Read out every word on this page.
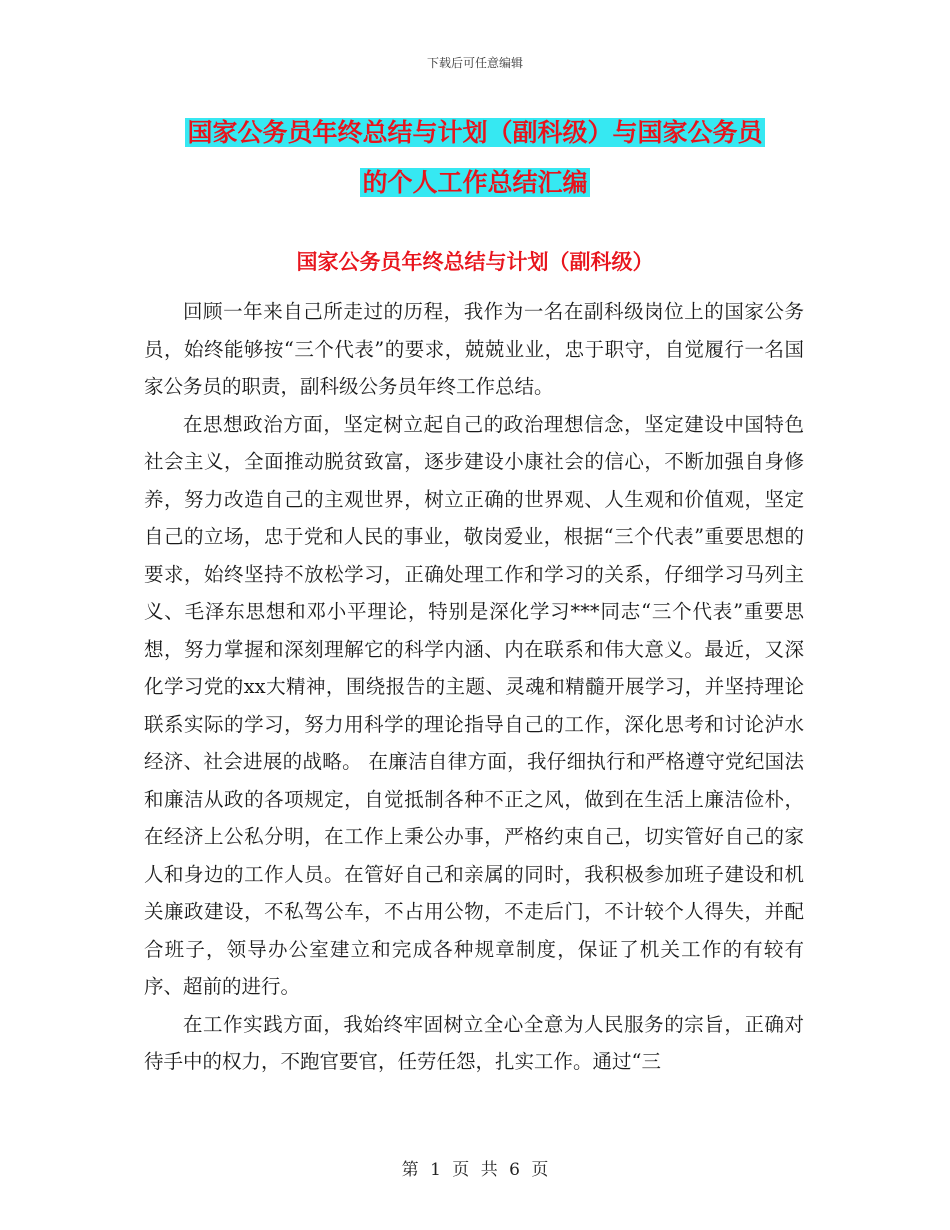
下载后可任意编辑
国家公务员年终总结与计划（副科级）与国家公务员
的个人工作总结汇编
国家公务员年终总结与计划（副科级）

回顾一年来自己所走过的历程，我作为一名在副科级岗位上的国家公务员，始终能够按“三个代表”的要求，兢兢业业，忠于职守，自觉履行一名国家公务员的职责，副科级公务员年终工作总结。

在思想政治方面，坚定树立起自己的政治理想信念，坚定建设中国特色社会主义，全面推动脱贫致富，逐步建设小康社会的信心，不断加强自身修养，努力改造自己的主观世界，树立正确的世界观、人生观和价值观，坚定自己的立场，忠于党和人民的事业，敬岗爱业，根据“三个代表”重要思想的要求，始终坚持不放松学习，正确处理工作和学习的关系，仔细学习马列主义、毛泽东思想和邓小平理论，特别是深化学习***同志“三个代表”重要思想，努力掌握和深刻理解它的科学内涵、内在联系和伟大意义。最近，又深化学习党的xx大精神，围绕报告的主题、灵魂和精髓开展学习，并坚持理论联系实际的学习，努力用科学的理论指导自己的工作，深化思考和讨论泸水经济、社会进展的战略。 在廉洁自律方面，我仔细执行和严格遵守党纪国法和廉洁从政的各项规定，自觉抵制各种不正之风，做到在生活上廉洁俭朴，在经济上公私分明，在工作上秉公办事，严格约束自己，切实管好自己的家人和身边的工作人员。在管好自己和亲属的同时，我积极参加班子建设和机关廉政建设，不私驾公车，不占用公物，不走后门，不计较个人得失，并配合班子，领导办公室建立和完成各种规章制度，保证了机关工作的有较有序、超前的进行。

在工作实践方面，我始终牢固树立全心全意为人民服务的宗旨，正确对待手中的权力，不跑官要官，任劳任怨，扎实工作。通过“三

第 1 页 共 6 页
